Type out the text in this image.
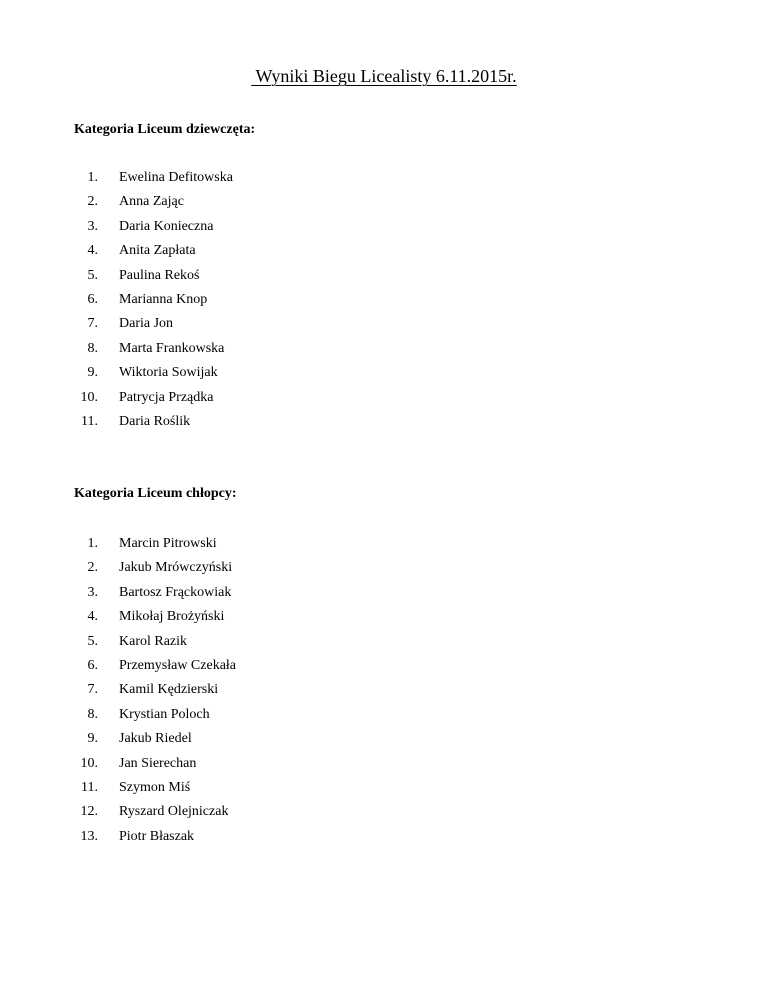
Wyniki Biegu Licealisty 6.11.2015r.
Kategoria Liceum dziewczęta:
1. Ewelina Defitowska
2. Anna Zając
3. Daria Konieczna
4. Anita Zapłata
5. Paulina Rekoś
6. Marianna Knop
7. Daria Jon
8. Marta Frankowska
9. Wiktoria Sowijak
10. Patrycja Prządka
11. Daria Roślik
Kategoria Liceum chłopcy:
1. Marcin Pitrowski
2. Jakub Mrówczyński
3. Bartosz Frąckowiak
4. Mikołaj Brożyński
5. Karol Razik
6. Przemysław Czekała
7. Kamil Kędzierski
8. Krystian Poloch
9. Jakub Riedel
10. Jan Sierechan
11. Szymon Miś
12. Ryszard Olejniczak
13. Piotr Błaszak
